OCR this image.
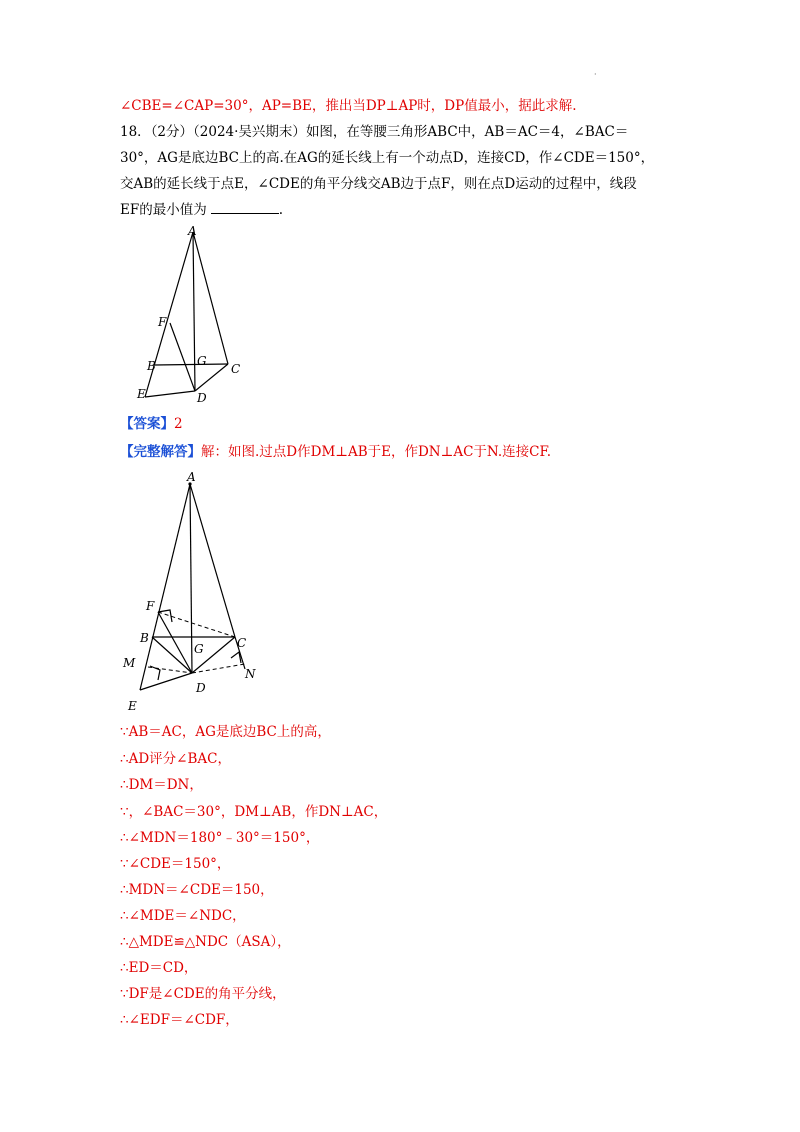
·
∠CBE=∠CAP=30°，AP=BE，推出当DP⊥AP时，DP值最小，据此求解.
18．（2分）（2024·吴兴期末）如图，在等腰三角形ABC中，AB＝AC＝4，∠BAC＝
30°，AG是底边BC上的高.在AG的延长线上有一个动点D，连接CD，作∠CDE＝150°，
交AB的延长线于点E，∠CDE的角平分线交AB边于点F，则在点D运动的过程中，线段
EF的最小值为	.
A
F
B	G
C
E	D
【答案】2
【完整解答】解：如图.过点D作DM⊥AB于E，作DN⊥AC于N.连接CF.
A
F
B
G	C
M
N
D
E
∵AB＝AC，AG是底边BC上的高，
∴AD评分∠BAC，
∴DM＝DN，
∵，∠BAC＝30°，DM⊥AB，作DN⊥AC，
∴∠MDN＝180°﹣30°＝150°，
∵∠CDE＝150°，
∴MDN＝∠CDE＝150，
∴∠MDE＝∠NDC，
∴△MDE≌△NDC（ASA），
∴ED＝CD，
∵DF是∠CDE的角平分线，
∴∠EDF＝∠CDF，
